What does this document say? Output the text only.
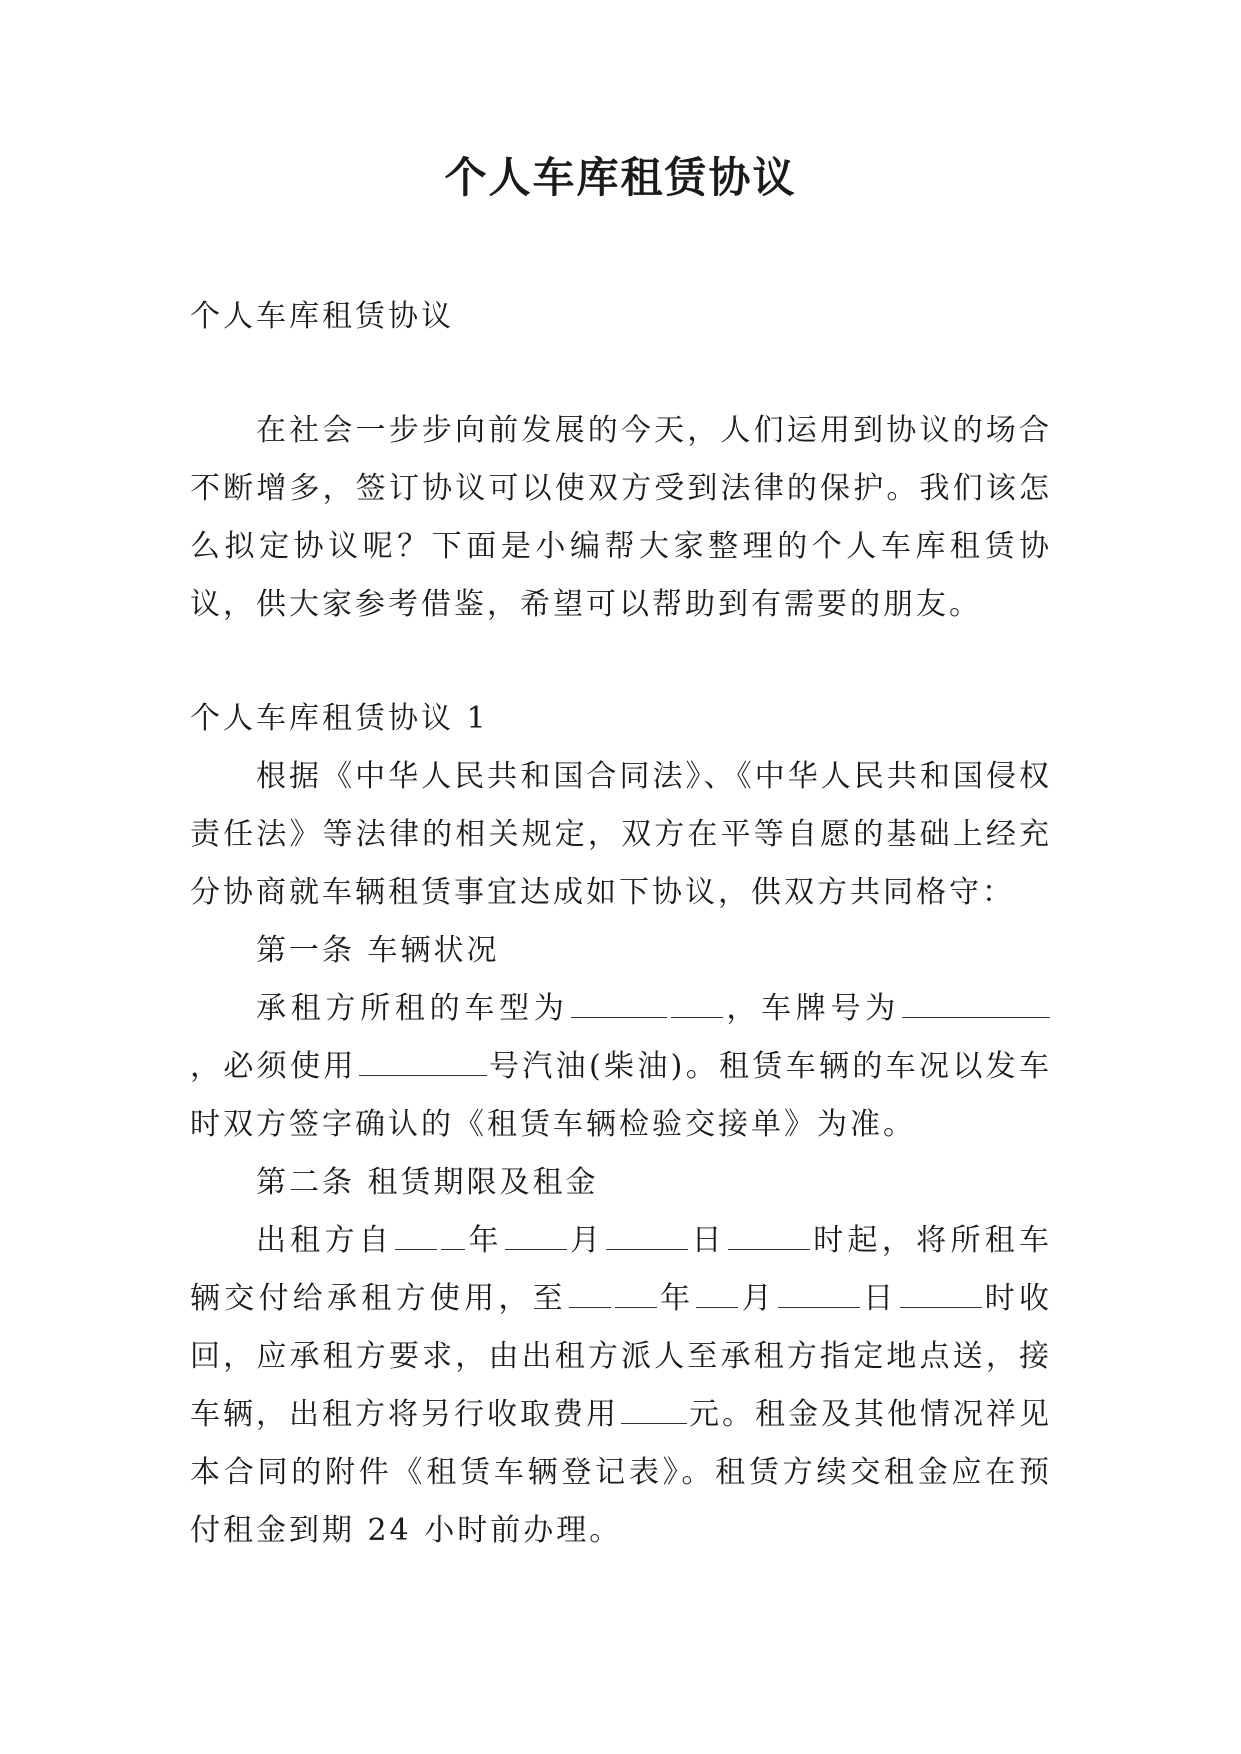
个人车库租赁协议

个人车库租赁协议

在社会一步步向前发展的今天，人们运用到协议的场合不断增多，签订协议可以使双方受到法律的保护。我们该怎么拟定协议呢？下面是小编帮大家整理的个人车库租赁协议，供大家参考借鉴，希望可以帮助到有需要的朋友。

个人车库租赁协议 1

根据《中华人民共和国合同法》、《中华人民共和国侵权责任法》等法律的相关规定，双方在平等自愿的基础上经充分协商就车辆租赁事宜达成如下协议，供双方共同格守：

第一条 车辆状况

承租方所租的车型为	，车牌号为，必须使用	号汽油(柴油)。租赁车辆的车况以发车时双方签字确认的《租赁车辆检验交接单》为准。

第二条 租赁期限及租金

出租方自 年 月	日	时起，将所租车辆交付给承租方使用，至	年 月	日	时收回，应承租方要求，由出租方派人至承租方指定地点送，接车辆，出租方将另行收取费用 元。租金及其他情况祥见本合同的附件《租赁车辆登记表》。租赁方续交租金应在预付租金到期 24 小时前办理。
